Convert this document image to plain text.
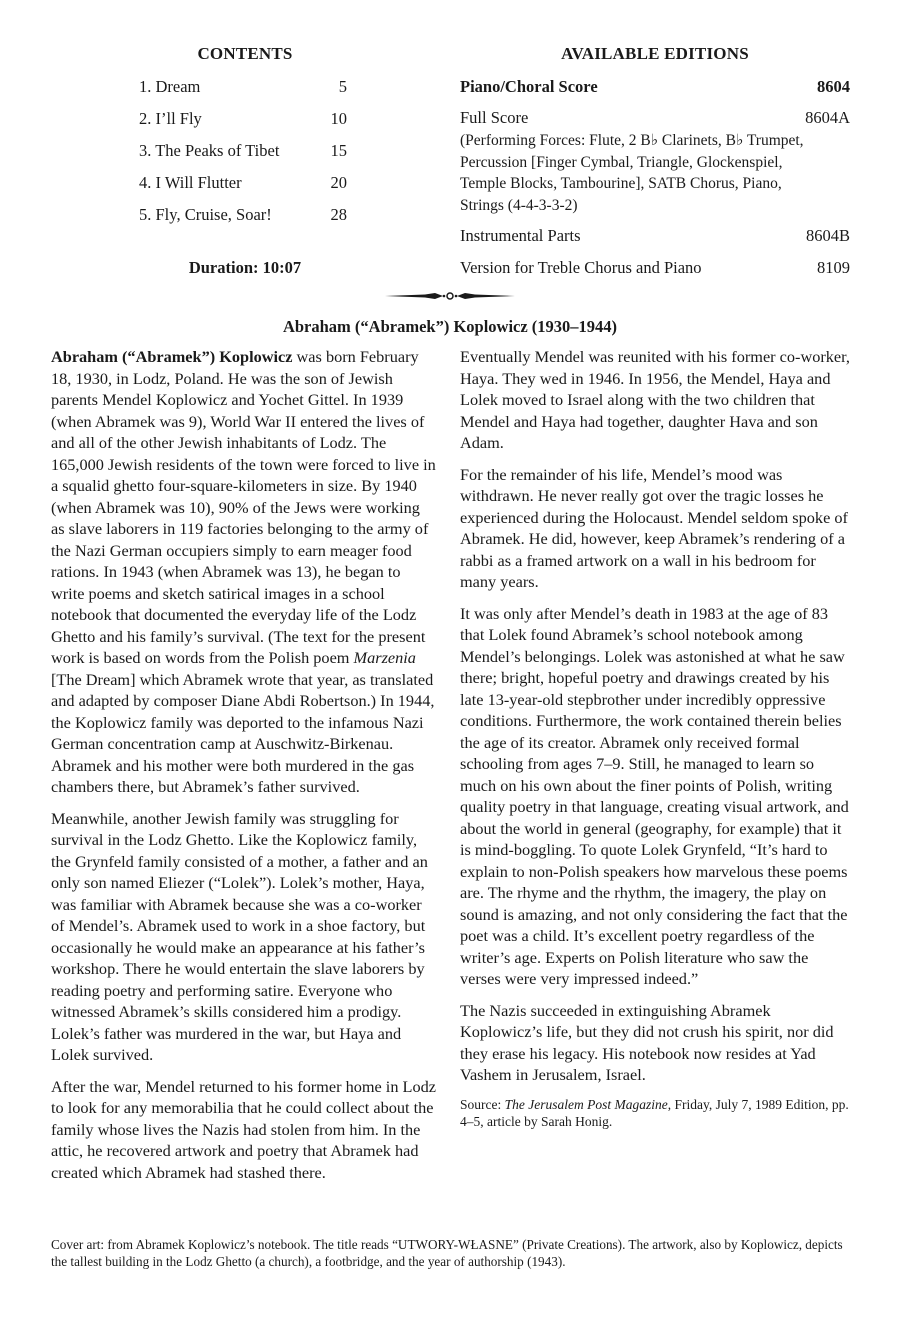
CONTENTS
1. Dream	5
2. I’ll Fly	10
3. The Peaks of Tibet	15
4. I Will Flutter	20
5. Fly, Cruise, Soar!	28
Duration: 10:07
AVAILABLE EDITIONS
Piano/Choral Score	8604
Full Score	8604A
(Performing Forces: Flute, 2 B♭ Clarinets, B♭ Trumpet, Percussion [Finger Cymbal, Triangle, Glockenspiel, Temple Blocks, Tambourine], SATB Chorus, Piano, Strings (4-4-3-3-2)
Instrumental Parts	8604B
Version for Treble Chorus and Piano	8109
Abraham (“Abramek”) Koplowicz (1930–1944)

Abraham (“Abramek”) Koplowicz was born February 18, 1930, in Lodz, Poland. He was the son of Jewish parents Mendel Koplowicz and Yochet Gittel. In 1939 (when Abramek was 9), World War II entered the lives of and all of the other Jewish inhabitants of Lodz. The 165,000 Jewish residents of the town were forced to live in a squalid ghetto four-square-kilometers in size. By 1940 (when Abramek was 10), 90% of the Jews were working as slave laborers in 119 factories belonging to the army of the Nazi German occupiers simply to earn meager food rations. In 1943 (when Abramek was 13), he began to write poems and sketch satirical images in a school notebook that documented the everyday life of the Lodz Ghetto and his family’s survival. (The text for the present work is based on words from the Polish poem Marzenia [The Dream] which Abramek wrote that year, as translated and adapted by composer Diane Abdi Robertson.) In 1944, the Koplowicz family was deported to the infamous Nazi German concentration camp at Auschwitz-Birkenau. Abramek and his mother were both murdered in the gas chambers there, but Abramek’s father survived.

Meanwhile, another Jewish family was struggling for survival in the Lodz Ghetto. Like the Koplowicz family, the Grynfeld family consisted of a mother, a father and an only son named Eliezer (“Lolek”). Lolek’s mother, Haya, was familiar with Abramek because she was a co-worker of Mendel’s. Abramek used to work in a shoe factory, but occasionally he would make an appearance at his father’s workshop. There he would entertain the slave laborers by reading poetry and performing satire. Everyone who witnessed Abramek’s skills considered him a prodigy. Lolek’s father was murdered in the war, but Haya and Lolek survived.

After the war, Mendel returned to his former home in Lodz to look for any memorabilia that he could collect about the family whose lives the Nazis had stolen from him. In the attic, he recovered artwork and poetry that Abramek had created which Abramek had stashed there.

Eventually Mendel was reunited with his former co-worker, Haya. They wed in 1946. In 1956, the Mendel, Haya and Lolek moved to Israel along with the two children that Mendel and Haya had together, daughter Hava and son Adam.

For the remainder of his life, Mendel’s mood was withdrawn. He never really got over the tragic losses he experienced during the Holocaust. Mendel seldom spoke of Abramek. He did, however, keep Abramek’s rendering of a rabbi as a framed artwork on a wall in his bedroom for many years.

It was only after Mendel’s death in 1983 at the age of 83 that Lolek found Abramek’s school notebook among Mendel’s belongings. Lolek was astonished at what he saw there; bright, hopeful poetry and drawings created by his late 13-year-old stepbrother under incredibly oppressive conditions. Furthermore, the work contained therein belies the age of its creator. Abramek only received formal schooling from ages 7–9. Still, he managed to learn so much on his own about the finer points of Polish, writing quality poetry in that language, creating visual artwork, and about the world in general (geography, for example) that it is mind-boggling. To quote Lolek Grynfeld, “It’s hard to explain to non-Polish speakers how marvelous these poems are. The rhyme and the rhythm, the imagery, the play on sound is amazing, and not only considering the fact that the poet was a child. It’s excellent poetry regardless of the writer’s age. Experts on Polish literature who saw the verses were very impressed indeed.”

The Nazis succeeded in extinguishing Abramek Koplowicz’s life, but they did not crush his spirit, nor did they erase his legacy. His notebook now resides at Yad Vashem in Jerusalem, Israel.

Source: The Jerusalem Post Magazine, Friday, July 7, 1989 Edition, pp. 4–5, article by Sarah Honig.
Cover art: from Abramek Koplowicz’s notebook. The title reads “UTWORY-WŁASNE” (Private Creations). The artwork, also by Koplowicz, depicts the tallest building in the Lodz Ghetto (a church), a footbridge, and the year of authorship (1943).
